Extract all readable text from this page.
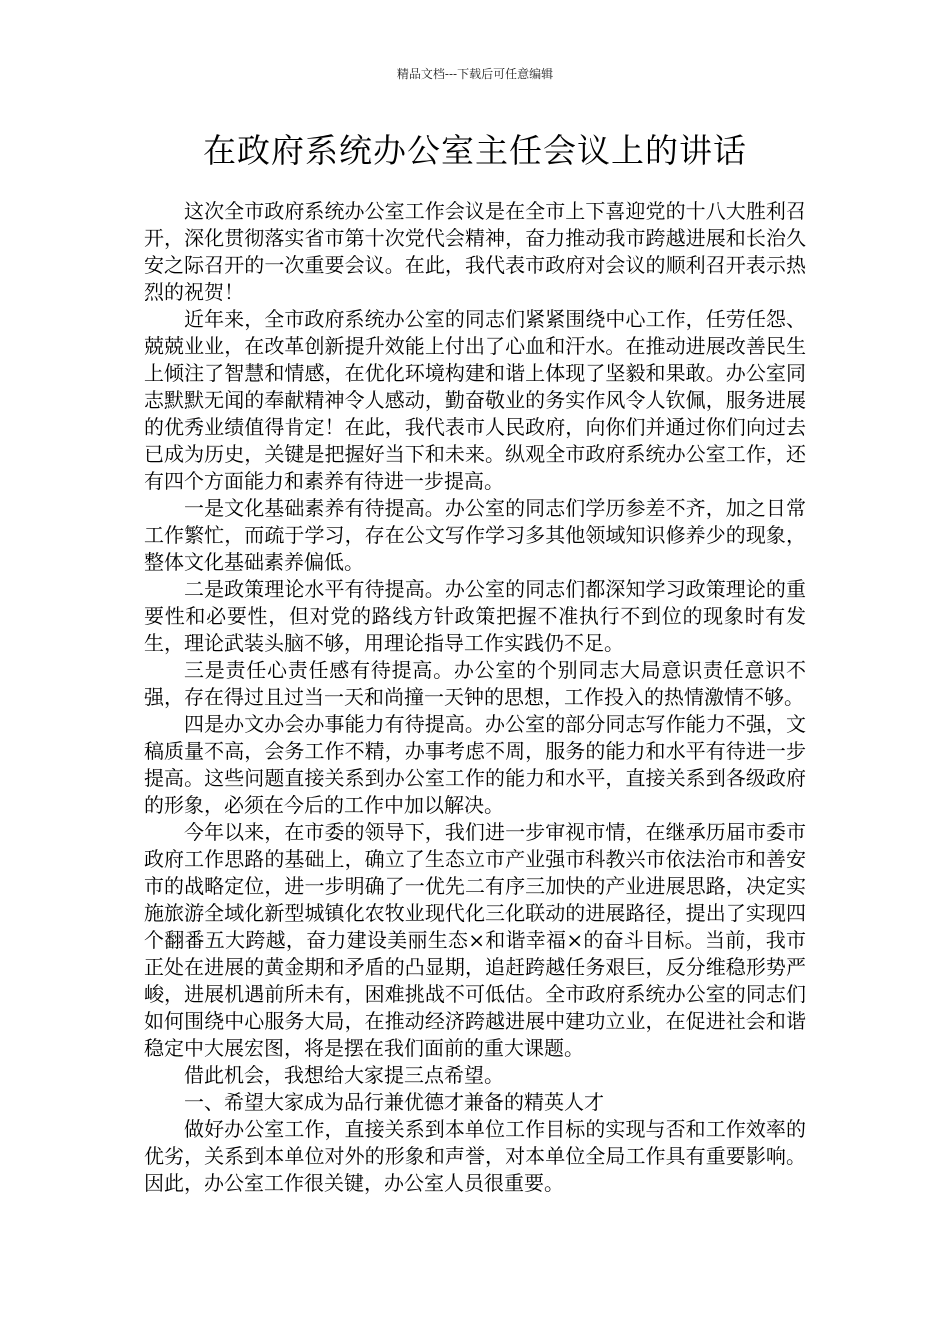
精品文档---下载后可任意编辑
在政府系统办公室主任会议上的讲话

这次全市政府系统办公室工作会议是在全市上下喜迎党的十八大胜利召开，深化贯彻落实省市第十次党代会精神，奋力推动我市跨越进展和长治久安之际召开的一次重要会议。在此，我代表市政府对会议的顺利召开表示热烈的祝贺！

近年来，全市政府系统办公室的同志们紧紧围绕中心工作，任劳任怨、兢兢业业，在改革创新提升效能上付出了心血和汗水。在推动进展改善民生上倾注了智慧和情感，在优化环境构建和谐上体现了坚毅和果敢。办公室同志默默无闻的奉献精神令人感动，勤奋敬业的务实作风令人钦佩，服务进展的优秀业绩值得肯定！在此，我代表市人民政府，向你们并通过你们向过去已成为历史，关键是把握好当下和未来。纵观全市政府系统办公室工作，还有四个方面能力和素养有待进一步提高。

一是文化基础素养有待提高。办公室的同志们学历参差不齐，加之日常工作繁忙，而疏于学习，存在公文写作学习多其他领域知识修养少的现象，整体文化基础素养偏低。

二是政策理论水平有待提高。办公室的同志们都深知学习政策理论的重要性和必要性，但对党的路线方针政策把握不准执行不到位的现象时有发生，理论武装头脑不够，用理论指导工作实践仍不足。

三是责任心责任感有待提高。办公室的个别同志大局意识责任意识不强，存在得过且过当一天和尚撞一天钟的思想，工作投入的热情激情不够。

四是办文办会办事能力有待提高。办公室的部分同志写作能力不强，文稿质量不高，会务工作不精，办事考虑不周，服务的能力和水平有待进一步提高。这些问题直接关系到办公室工作的能力和水平，直接关系到各级政府的形象，必须在今后的工作中加以解决。

今年以来，在市委的领导下，我们进一步审视市情，在继承历届市委市政府工作思路的基础上，确立了生态立市产业强市科教兴市依法治市和善安市的战略定位，进一步明确了一优先二有序三加快的产业进展思路，决定实施旅游全域化新型城镇化农牧业现代化三化联动的进展路径，提出了实现四个翻番五大跨越，奋力建设美丽生态×和谐幸福×的奋斗目标。当前，我市正处在进展的黄金期和矛盾的凸显期，追赶跨越任务艰巨，反分维稳形势严峻，进展机遇前所未有，困难挑战不可低估。全市政府系统办公室的同志们如何围绕中心服务大局，在推动经济跨越进展中建功立业，在促进社会和谐稳定中大展宏图，将是摆在我们面前的重大课题。

借此机会，我想给大家提三点希望。

一、希望大家成为品行兼优德才兼备的精英人才

做好办公室工作，直接关系到本单位工作目标的实现与否和工作效率的优劣，关系到本单位对外的形象和声誉，对本单位全局工作具有重要影响。因此，办公室工作很关键，办公室人员很重要。
